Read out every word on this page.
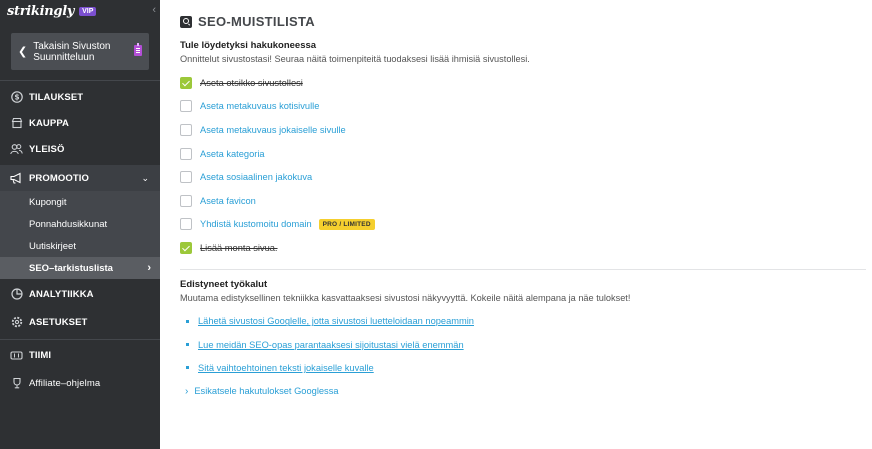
strikingly	VIP	‹
❮ Takaisin Sivuston Suunnitteluun
$ TILAUKSET
KAUPPA
YLEISÖ
PROMOOTIO	⌄
Kupongit
Ponnahdusikkunat
Uutiskirjeet
SEO–tarkistuslista	›
ANALYTIIKKA
ASETUKSET
TIIMI
Affiliate–ohjelma
SEO-MUISTILISTA
Tule löydetyksi hakukoneessa
Onnittelut sivustostasi! Seuraa näitä toimenpiteitä tuodaksesi lisää ihmisiä sivustollesi.
Aseta otsikko sivustollesi
Aseta metakuvaus kotisivulle
Aseta metakuvaus jokaiselle sivulle
Aseta kategoria
Aseta sosiaalinen jakokuva
Aseta favicon
Yhdistä kustomoitu domain	PRO / LIMITED
Lisää monta sivua.
Edistyneet työkalut
Muutama edistyksellinen tekniikka kasvattaaksesi sivustosi näkyvyyttä. Kokeile näitä alempana ja näe tulokset!
Lähetä sivustosi Googlelle, jotta sivustosi luetteloidaan nopeammin
Lue meidän SEO-opas parantaaksesi sijoitustasi vielä enemmän
Sitä vaihtoehtoinen teksti jokaiselle kuvalle
› Esikatsele hakutulokset Googlessa
